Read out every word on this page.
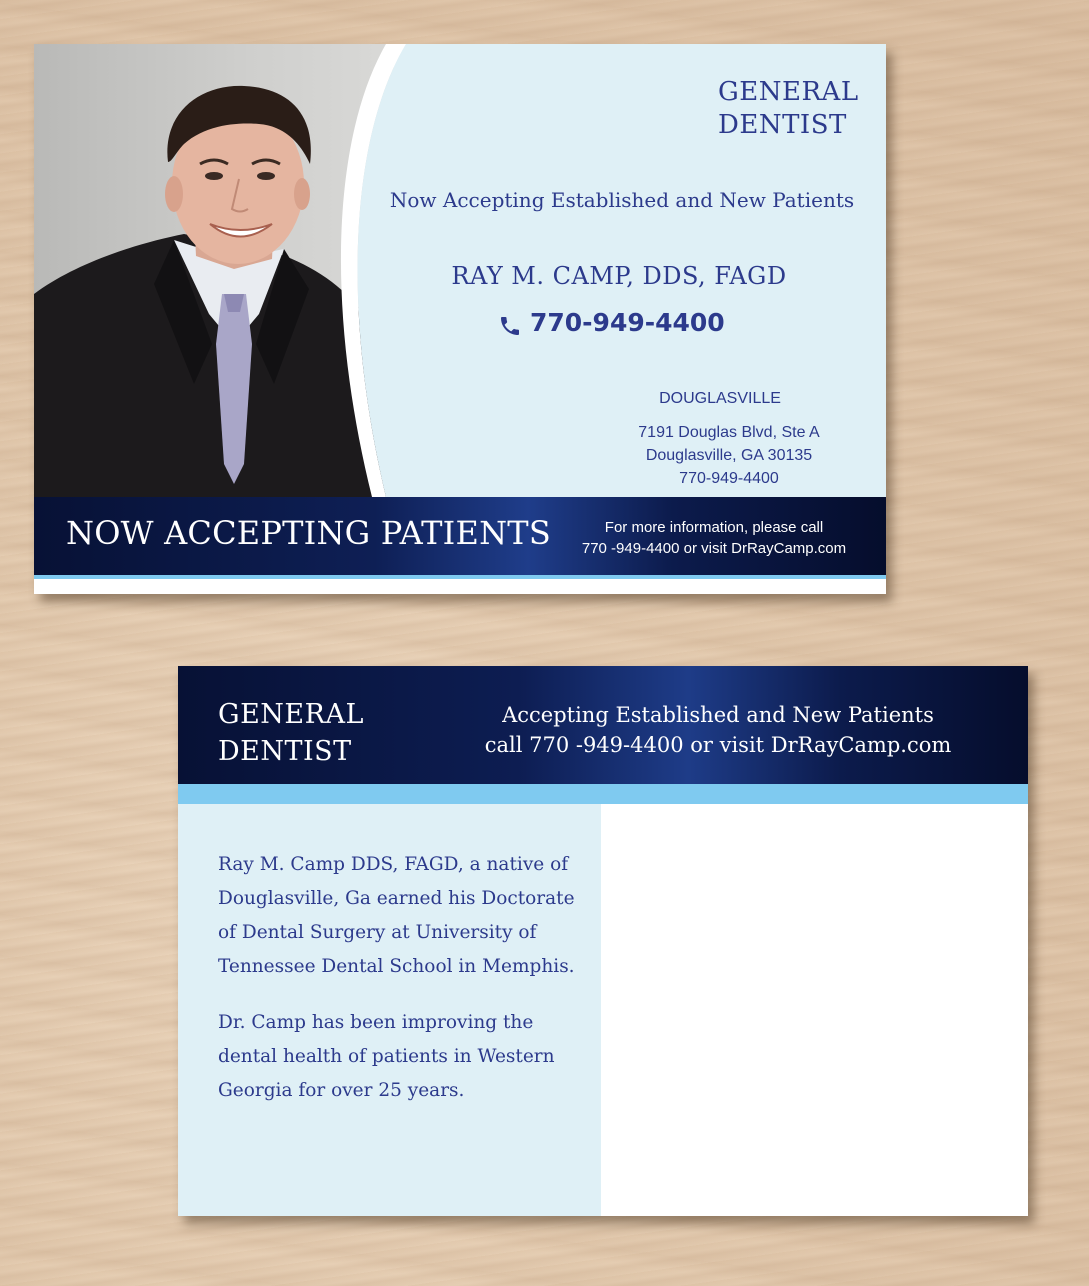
GENERAL
DENTIST
Now Accepting Established and New Patients
RAY M. CAMP, DDS, FAGD
770-949-4400
DOUGLASVILLE
7191 Douglas Blvd, Ste A
Douglasville, GA 30135
770-949-4400
NOW ACCEPTING PATIENTS	For more information, please call
770 -949-4400 or visit DrRayCamp.com
GENERAL
DENTIST
Accepting Established and New Patients
call 770 -949-4400 or visit DrRayCamp.com

Ray M. Camp DDS, FAGD, a native of Douglasville, Ga earned his Doctorate of Dental Surgery at University of Tennessee Dental School in Memphis.

Dr. Camp has been improving the dental health of patients in Western Georgia for over 25 years.
